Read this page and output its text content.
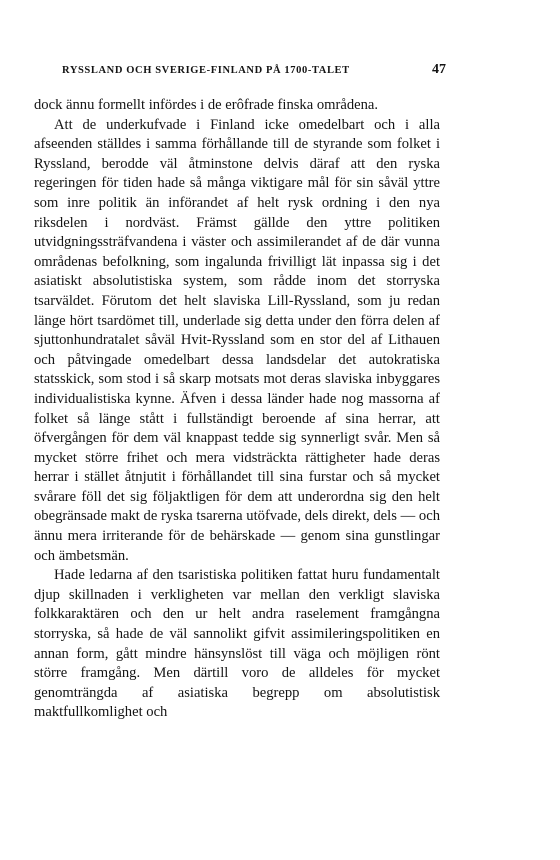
RYSSLAND OCH SVERIGE-FINLAND PÅ 1700-TALET	47

dock ännu formellt infördes i de erôfrade finska områdena.

Att de underkufvade i Finland icke omedelbart och i alla afseenden ställdes i samma förhållande till de styrande som folket i Ryssland, berodde väl åtminstone delvis däraf att den ryska regeringen för tiden hade så många viktigare mål för sin såväl yttre som inre politik än införandet af helt rysk ordning i den nya riksdelen i nordväst. Främst gällde den yttre politiken utvidgningssträfvandena i väster och assimilerandet af de där vunna områdenas befolkning, som ingalunda frivilligt lät inpassa sig i det asiatiskt absolutistiska system, som rådde inom det storryska tsarväldet. Förutom det helt slaviska Lill-Ryssland, som ju redan länge hört tsardömet till, underlade sig detta under den förra delen af sjuttonhundratalet såväl Hvit-Ryssland som en stor del af Lithauen och påtvingade omedelbart dessa landsdelar det autokratiska statsskick, som stod i så skarp motsats mot deras slaviska inbyggares individualistiska kynne. Äfven i dessa länder hade nog massorna af folket så länge stått i fullständigt beroende af sina herrar, att öfvergången för dem väl knappast tedde sig synnerligt svår. Men så mycket större frihet och mera vidsträckta rättigheter hade deras herrar i stället åtnjutit i förhållandet till sina furstar och så mycket svårare föll det sig följaktligen för dem att underordna sig den helt obegränsade makt de ryska tsarerna utöfvade, dels direkt, dels — och ännu mera irriterande för de behärskade — genom sina gunstlingar och ämbetsmän.

Hade ledarna af den tsaristiska politiken fattat huru fundamentalt djup skillnaden i verkligheten var mellan den verkligt slaviska folkkaraktären och den ur helt andra raselement framgångna storryska, så hade de väl sannolikt gifvit assimileringspolitiken en annan form, gått mindre hänsynslöst till väga och möjligen rönt större framgång. Men därtill voro de alldeles för mycket genomträngda af asiatiska begrepp om absolutistisk maktfullkomlighet och
